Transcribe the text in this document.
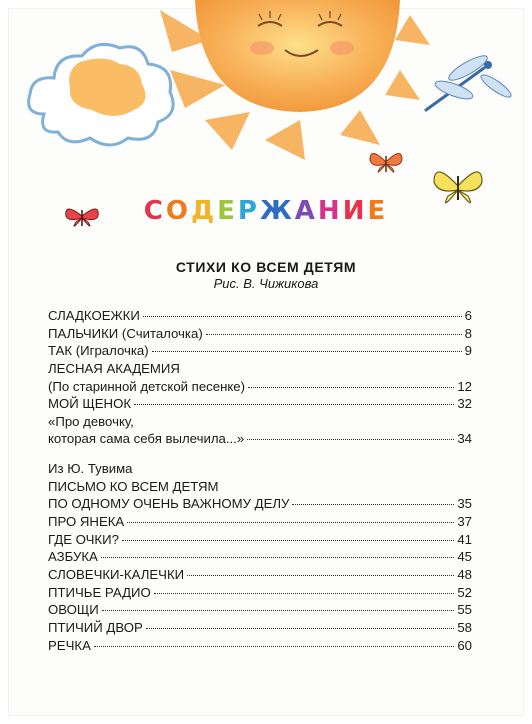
СОДЕРЖАНИЕ
СТИХИ КО ВСЕМ ДЕТЯМ
Рис. В. Чижикова
СЛАДКОЕЖКИ	6
ПАЛЬЧИКИ (Считалочка)	8
ТАК (Игралочка)	9
ЛЕСНАЯ АКАДЕМИЯ
(По старинной детской песенке)	12
МОЙ ЩЕНОК	32
«Про девочку,
которая сама себя вылечила...»	34
Из Ю. Тувима
ПИСЬМО КО ВСЕМ ДЕТЯМ
ПО ОДНОМУ ОЧЕНЬ ВАЖНОМУ ДЕЛУ	35
ПРО ЯНЕКА	37
ГДЕ ОЧКИ?	41
АЗБУКА	45
СЛОВЕЧКИ-КАЛЕЧКИ	48
ПТИЧЬЕ РАДИО	52
ОВОЩИ	55
ПТИЧИЙ ДВОР	58
РЕЧКА	60
